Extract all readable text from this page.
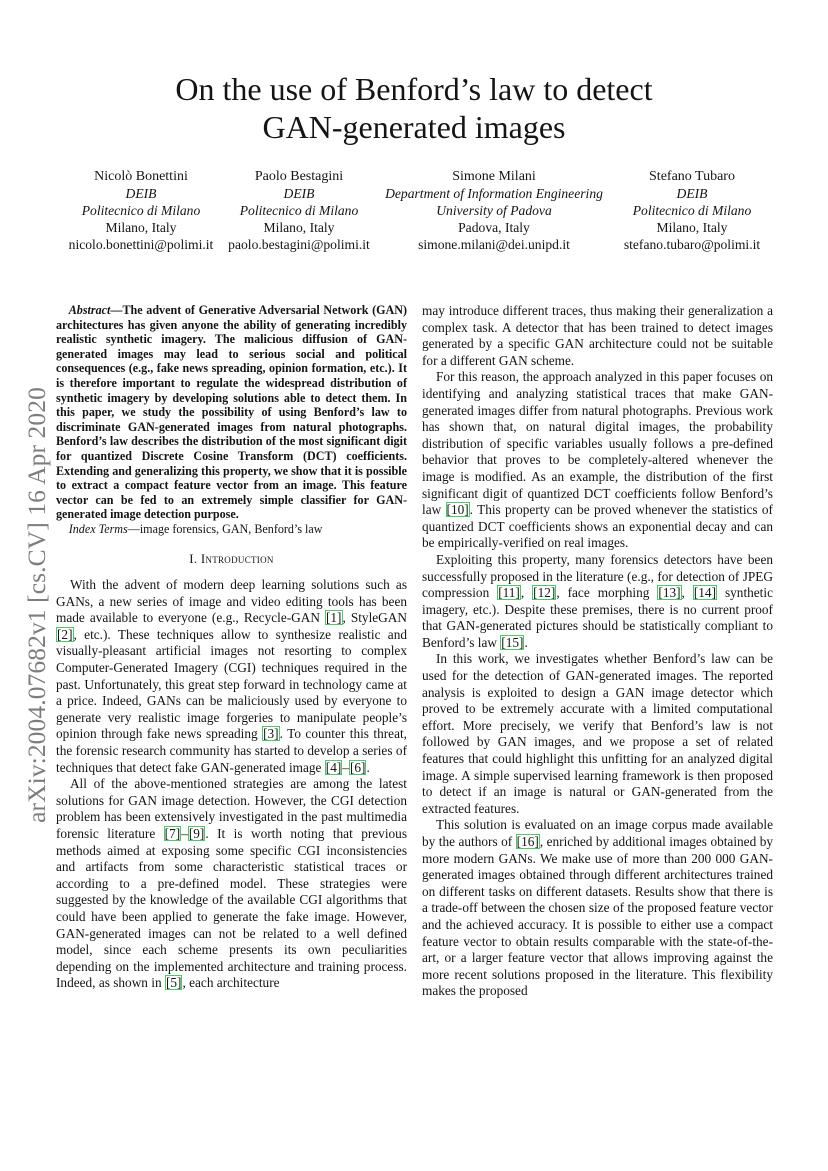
arXiv:2004.07682v1 [cs.CV] 16 Apr 2020
On the use of Benford’s law to detect
GAN-generated images
Nicolò Bonettini
DEIB
Politecnico di Milano
Milano, Italy
nicolo.bonettini@polimi.it
Paolo Bestagini
DEIB
Politecnico di Milano
Milano, Italy
paolo.bestagini@polimi.it
Simone Milani
Department of Information Engineering
University of Padova
Padova, Italy
simone.milani@dei.unipd.it
Stefano Tubaro
DEIB
Politecnico di Milano
Milano, Italy
stefano.tubaro@polimi.it

Abstract—The advent of Generative Adversarial Network (GAN) architectures has given anyone the ability of generating incredibly realistic synthetic imagery. The malicious diffusion of GAN-generated images may lead to serious social and political consequences (e.g., fake news spreading, opinion formation, etc.). It is therefore important to regulate the widespread distribution of synthetic imagery by developing solutions able to detect them. In this paper, we study the possibility of using Benford’s law to discriminate GAN-generated images from natural photographs. Benford’s law describes the distribution of the most significant digit for quantized Discrete Cosine Transform (DCT) coefficients. Extending and generalizing this property, we show that it is possible to extract a compact feature vector from an image. This feature vector can be fed to an extremely simple classifier for GAN-generated image detection purpose.

Index Terms—image forensics, GAN, Benford’s law

I. Introduction

With the advent of modern deep learning solutions such as GANs, a new series of image and video editing tools has been made available to everyone (e.g., Recycle-GAN [1], StyleGAN [2], etc.). These techniques allow to synthesize realistic and visually-pleasant artificial images not resorting to complex Computer-Generated Imagery (CGI) techniques required in the past. Unfortunately, this great step forward in technology came at a price. Indeed, GANs can be maliciously used by everyone to generate very realistic image forgeries to manipulate people’s opinion through fake news spreading [3]. To counter this threat, the forensic research community has started to develop a series of techniques that detect fake GAN-generated image [4]–[6].

All of the above-mentioned strategies are among the latest solutions for GAN image detection. However, the CGI detection problem has been extensively investigated in the past multimedia forensic literature [7]–[9]. It is worth noting that previous methods aimed at exposing some specific CGI inconsistencies and artifacts from some characteristic statistical traces or according to a pre-defined model. These strategies were suggested by the knowledge of the available CGI algorithms that could have been applied to generate the fake image. However, GAN-generated images can not be related to a well defined model, since each scheme presents its own peculiarities depending on the implemented architecture and training process. Indeed, as shown in [5], each architecture

may introduce different traces, thus making their generalization a complex task. A detector that has been trained to detect images generated by a specific GAN architecture could not be suitable for a different GAN scheme.

For this reason, the approach analyzed in this paper focuses on identifying and analyzing statistical traces that make GAN-generated images differ from natural photographs. Previous work has shown that, on natural digital images, the probability distribution of specific variables usually follows a pre-defined behavior that proves to be completely-altered whenever the image is modified. As an example, the distribution of the first significant digit of quantized DCT coefficients follow Benford’s law [10]. This property can be proved whenever the statistics of quantized DCT coefficients shows an exponential decay and can be empirically-verified on real images.

Exploiting this property, many forensics detectors have been successfully proposed in the literature (e.g., for detection of JPEG compression [11], [12], face morphing [13], [14] synthetic imagery, etc.). Despite these premises, there is no current proof that GAN-generated pictures should be statistically compliant to Benford’s law [15].

In this work, we investigates whether Benford’s law can be used for the detection of GAN-generated images. The reported analysis is exploited to design a GAN image detector which proved to be extremely accurate with a limited computational effort. More precisely, we verify that Benford’s law is not followed by GAN images, and we propose a set of related features that could highlight this unfitting for an analyzed digital image. A simple supervised learning framework is then proposed to detect if an image is natural or GAN-generated from the extracted features.

This solution is evaluated on an image corpus made available by the authors of [16], enriched by additional images obtained by more modern GANs. We make use of more than 200 000 GAN-generated images obtained through different architectures trained on different tasks on different datasets. Results show that there is a trade-off between the chosen size of the proposed feature vector and the achieved accuracy. It is possible to either use a compact feature vector to obtain results comparable with the state-of-the-art, or a larger feature vector that allows improving against the more recent solutions proposed in the literature. This flexibility makes the proposed
